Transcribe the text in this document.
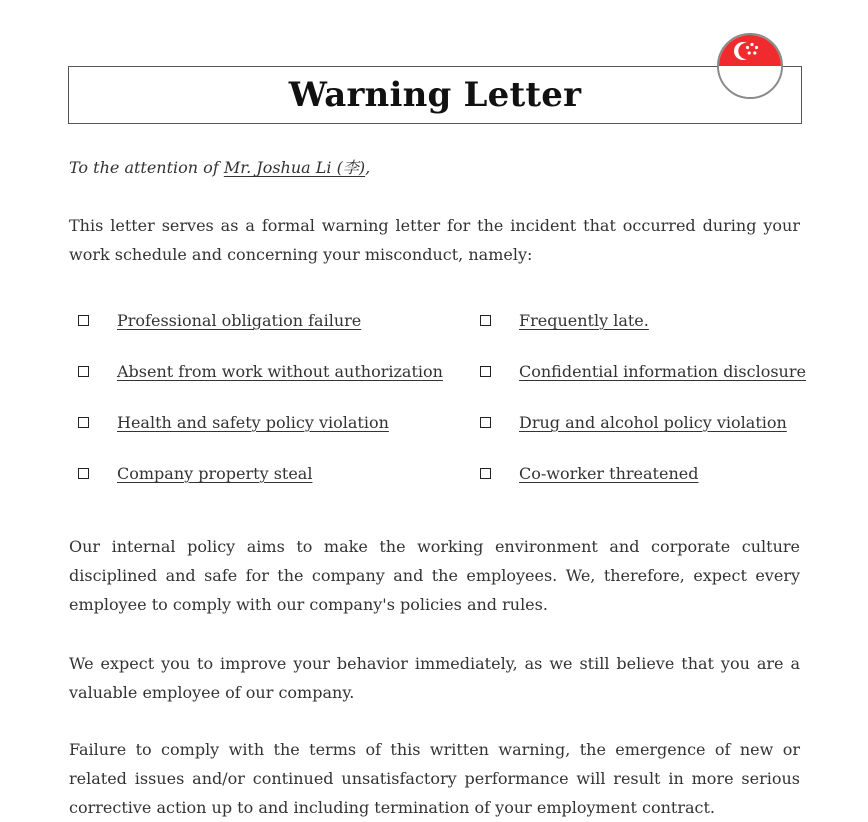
Warning Letter
To the attention of Mr. Joshua Li (李),
This letter serves as a formal warning letter for the incident that occurred during your work schedule and concerning your misconduct, namely:
Professional obligation failure
Absent from work without authorization
Health and safety policy violation
Company property steal
Frequently late.
Confidential information disclosure
Drug and alcohol policy violation
Co-worker threatened
Our internal policy aims to make the working environment and corporate culture disciplined and safe for the company and the employees. We, therefore, expect every employee to comply with our company's policies and rules.
We expect you to improve your behavior immediately, as we still believe that you are a valuable employee of our company.
Failure to comply with the terms of this written warning, the emergence of new or related issues and/or continued unsatisfactory performance will result in more serious corrective action up to and including termination of your employment contract.
